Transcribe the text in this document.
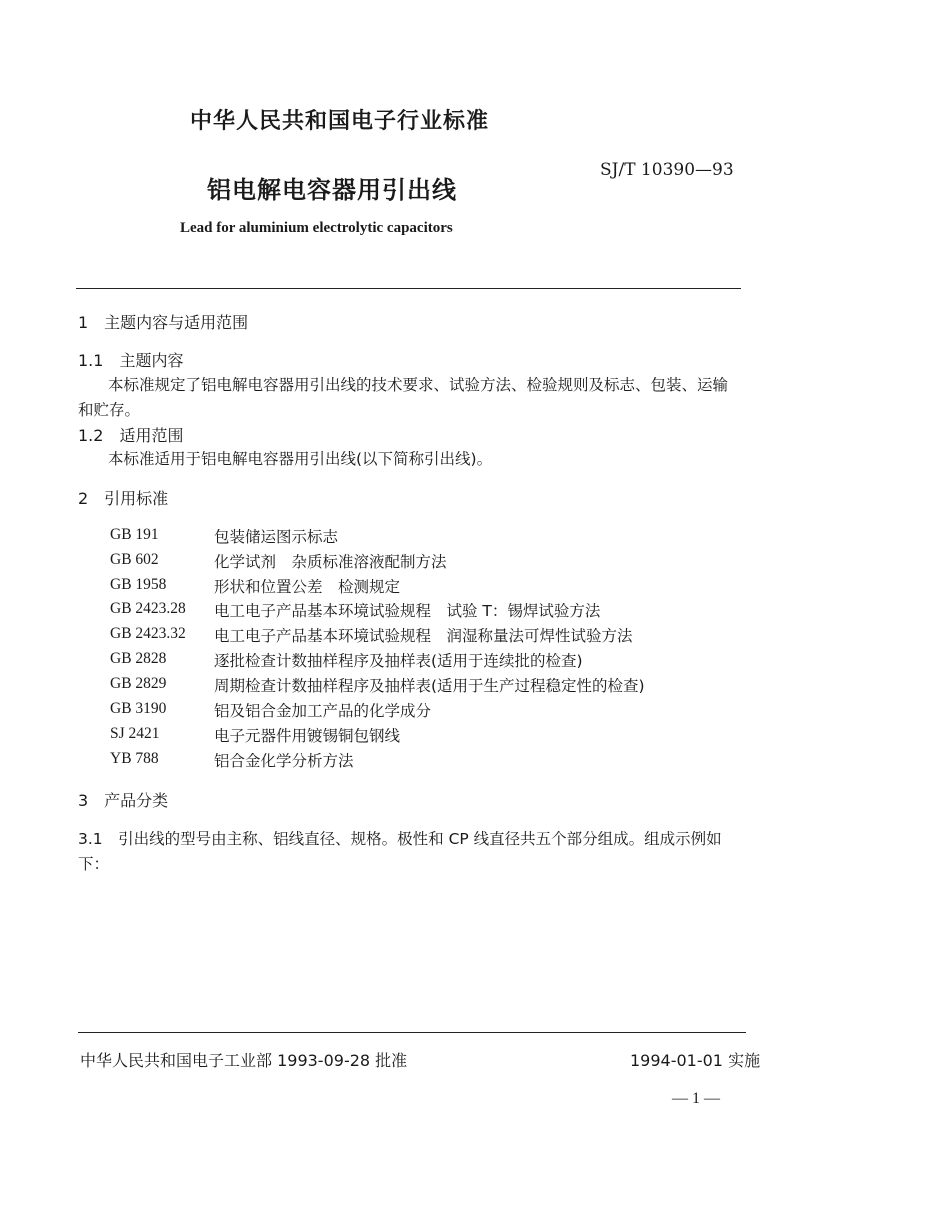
中华人民共和国电子行业标准
SJ/T 10390—93
铝电解电容器用引出线
Lead for aluminium electrolytic capacitors
1　主题内容与适用范围
1.1　主题内容
本标准规定了铝电解电容器用引出线的技术要求、试验方法、检验规则及标志、包装、运输
和贮存。
1.2　适用范围
本标准适用于铝电解电容器用引出线(以下简称引出线)。
2　引用标准
GB 191	包装储运图示标志
GB 602	化学试剂　杂质标准溶液配制方法
GB 1958	形状和位置公差　检测规定
GB 2423.28 电工电子产品基本环境试验规程　试验 T：锡焊试验方法
GB 2423.32 电工电子产品基本环境试验规程　润湿称量法可焊性试验方法
GB 2828	逐批检查计数抽样程序及抽样表(适用于连续批的检查)
GB 2829	周期检查计数抽样程序及抽样表(适用于生产过程稳定性的检查)
GB 3190	铝及铝合金加工产品的化学成分
SJ 2421	电子元器件用镀锡铜包钢线
YB 788	铝合金化学分析方法
3　产品分类
3.1　引出线的型号由主称、铝线直径、规格。极性和 CP 线直径共五个部分组成。组成示例如
下：
中华人民共和国电子工业部 1993-09-28 批准	1994-01-01 实施
— 1 —
